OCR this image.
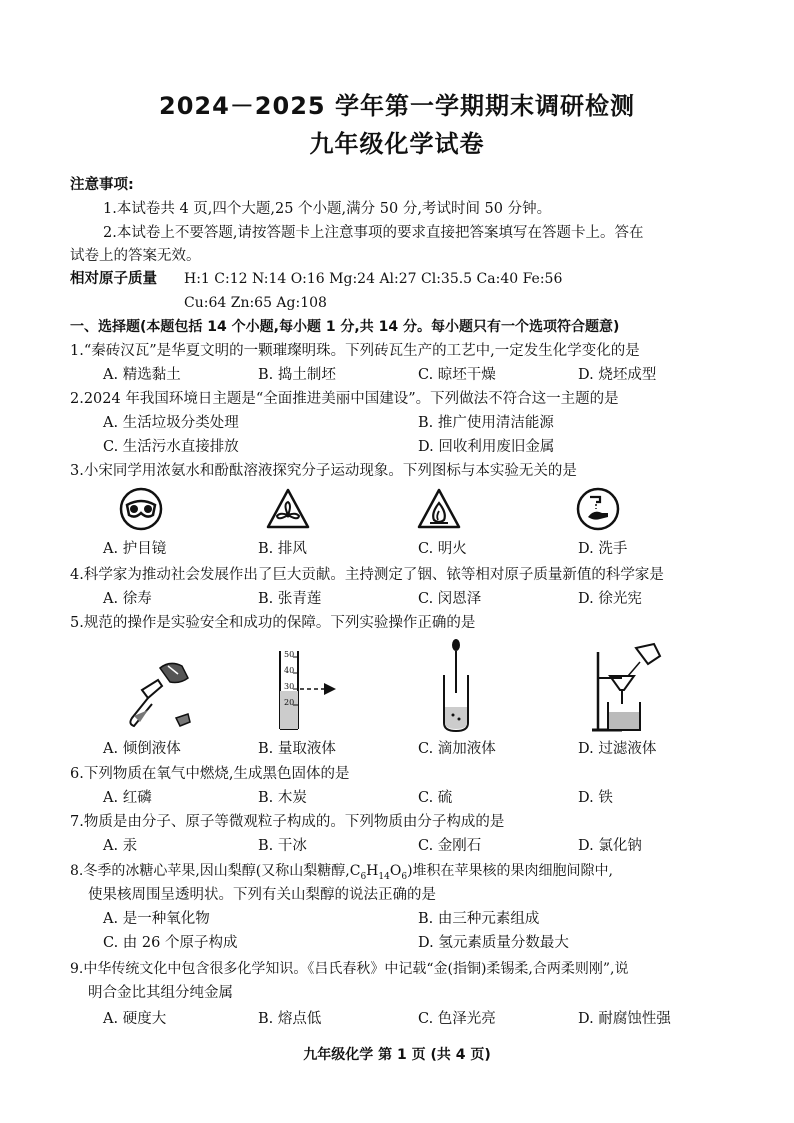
2024－2025 学年第一学期期末调研检测
九年级化学试卷
注意事项:
1.本试卷共 4 页,四个大题,25 个小题,满分 50 分,考试时间 50 分钟。
2.本试卷上不要答题,请按答题卡上注意事项的要求直接把答案填写在答题卡上。答在
试卷上的答案无效。
相对原子质量 H:1 C:12 N:14 O:16 Mg:24 Al:27 Cl:35.5 Ca:40 Fe:56
Cu:64 Zn:65 Ag:108
一、选择题(本题包括 14 个小题,每小题 1 分,共 14 分。每小题只有一个选项符合题意)
1.“秦砖汉瓦”是华夏文明的一颗璀璨明珠。下列砖瓦生产的工艺中,一定发生化学变化的是
A. 精选黏土	B. 捣土制坯	C. 晾坯干燥	D. 烧坯成型
2.2024 年我国环境日主题是“全面推进美丽中国建设”。下列做法不符合这一主题的是
A. 生活垃圾分类处理	B. 推广使用清洁能源
C. 生活污水直接排放	D. 回收利用废旧金属
3.小宋同学用浓氨水和酚酞溶液探究分子运动现象。下列图标与本实验无关的是
A. 护目镜	B. 排风	C. 明火	D. 洗手
4.科学家为推动社会发展作出了巨大贡献。主持测定了铟、铱等相对原子质量新值的科学家是
A. 徐寿	B. 张青莲	C. 闵恩泽	D. 徐光宪
5.规范的操作是实验安全和成功的保障。下列实验操作正确的是
50
40
30
20
A. 倾倒液体	B. 量取液体	C. 滴加液体	D. 过滤液体
6.下列物质在氧气中燃烧,生成黑色固体的是
A. 红磷	B. 木炭	C. 硫	D. 铁
7.物质是由分子、原子等微观粒子构成的。下列物质由分子构成的是
A. 汞	B. 干冰	C. 金刚石	D. 氯化钠
8.冬季的冰糖心苹果,因山梨醇(又称山梨糖醇$,C_6H_{14}O_6$)堆积在苹果核的果肉细胞间隙中,
使果核周围呈透明状。下列有关山梨醇的说法正确的是
A. 是一种氧化物	B. 由三种元素组成
C. 由 26 个原子构成	D. 氢元素质量分数最大
9.中华传统文化中包含很多化学知识。《吕氏春秋》中记载“金(指铜)柔锡柔,合两柔则刚”,说
明合金比其组分纯金属
A. 硬度大	B. 熔点低	C. 色泽光亮	D. 耐腐蚀性强
九年级化学 第 1 页 (共 4 页)
